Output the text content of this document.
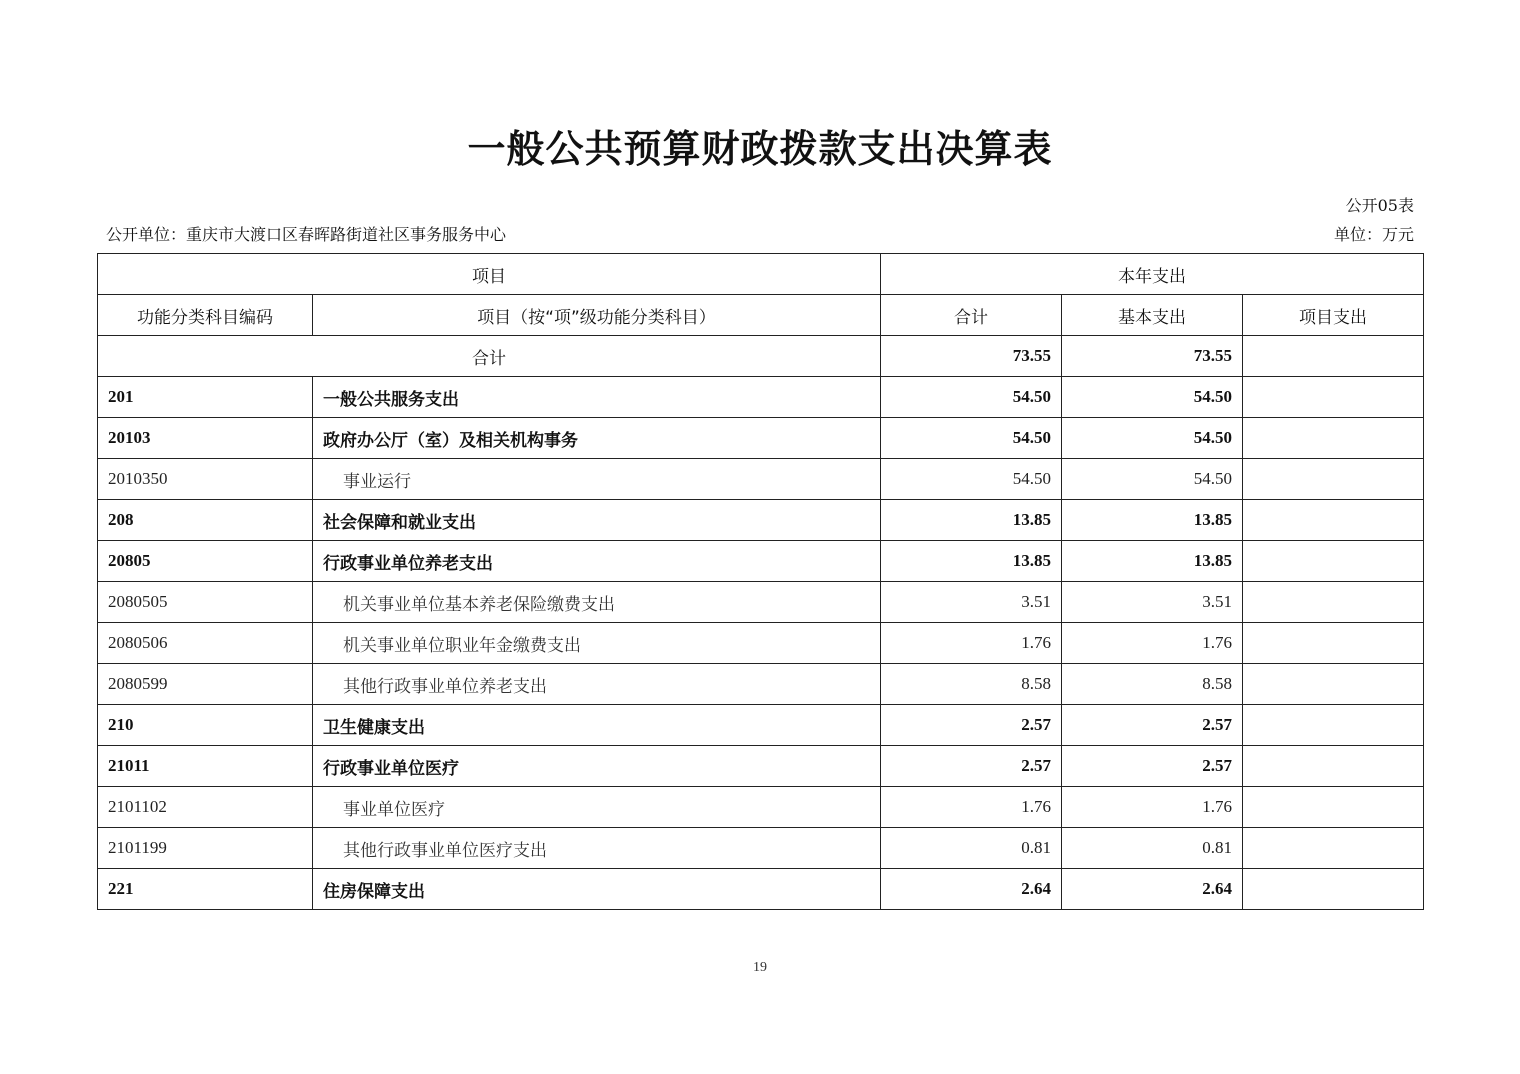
一般公共预算财政拨款支出决算表
公开05表
公开单位：重庆市大渡口区春晖路街道社区事务服务中心	单位：万元
项目		本年支出		
功能分类科目编码	项目（按“项”级功能分类科目）	合计	基本支出	项目支出
合计		73.55	73.55	
201	一般公共服务支出	54.50	54.50	
20103	政府办公厅（室）及相关机构事务	54.50	54.50	
2010350	事业运行	54.50	54.50	
208	社会保障和就业支出	13.85	13.85	
20805	行政事业单位养老支出	13.85	13.85	
2080505	机关事业单位基本养老保险缴费支出	3.51	3.51	
2080506	机关事业单位职业年金缴费支出	1.76	1.76	
2080599	其他行政事业单位养老支出	8.58	8.58	
210	卫生健康支出	2.57	2.57	
21011	行政事业单位医疗	2.57	2.57	
2101102	事业单位医疗	1.76	1.76	
2101199	其他行政事业单位医疗支出	0.81	0.81	
221	住房保障支出	2.64	2.64	
19
